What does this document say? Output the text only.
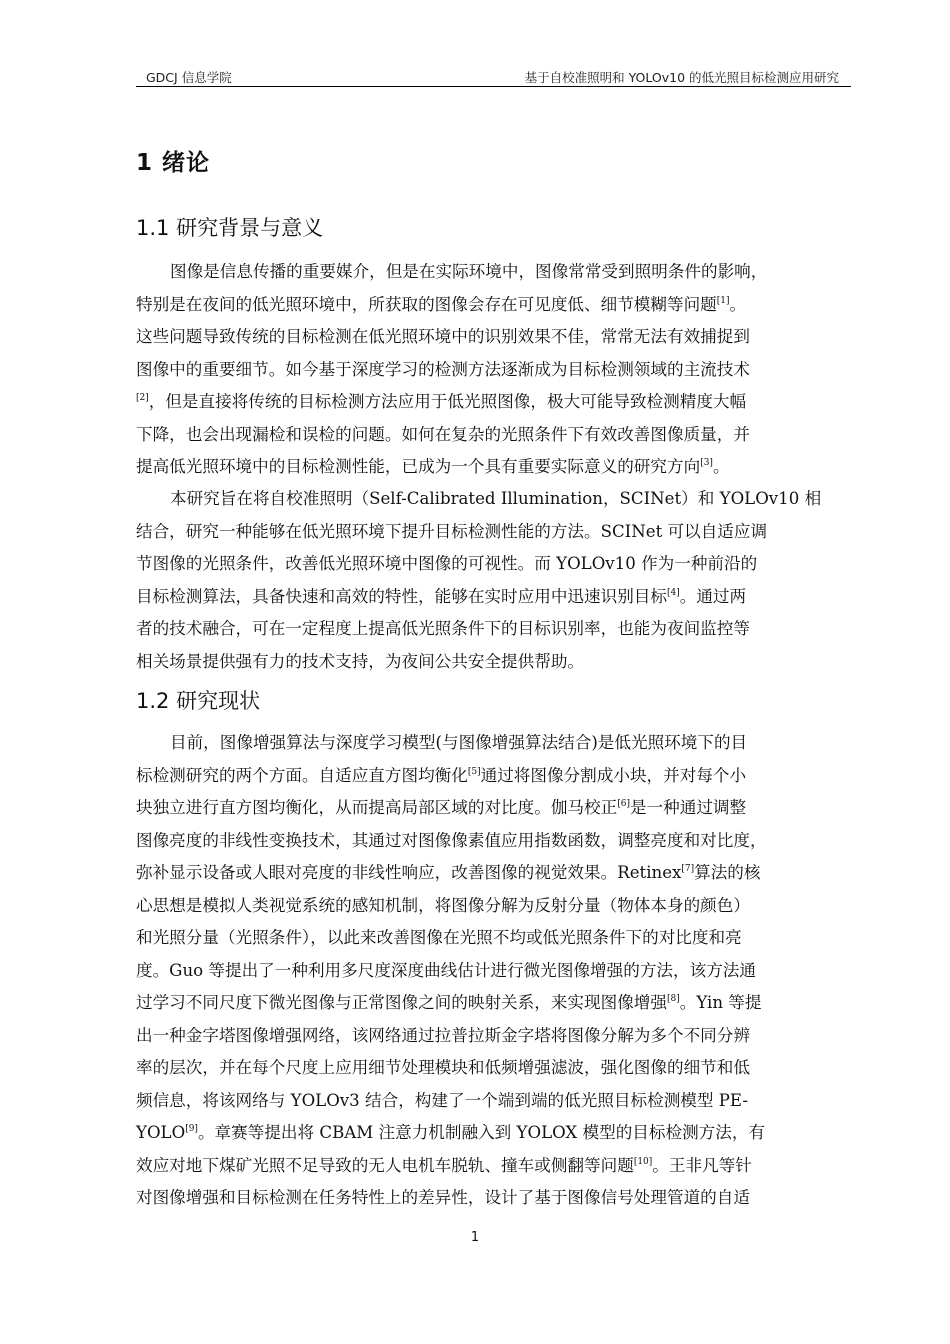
GDCJ 信息学院	基于自校准照明和 YOLOv10 的低光照目标检测应用研究
1 绪论
1.1 研究背景与意义
图像是信息传播的重要媒介，但是在实际环境中，图像常常受到照明条件的影响，
特别是在夜间的低光照环境中，所获取的图像会存在可见度低、细节模糊等问题[1]。
这些问题导致传统的目标检测在低光照环境中的识别效果不佳，常常无法有效捕捉到
图像中的重要细节。如今基于深度学习的检测方法逐渐成为目标检测领域的主流技术
[2]，但是直接将传统的目标检测方法应用于低光照图像，极大可能导致检测精度大幅
下降，也会出现漏检和误检的问题。如何在复杂的光照条件下有效改善图像质量，并
提高低光照环境中的目标检测性能，已成为一个具有重要实际意义的研究方向[3]。
本研究旨在将自校准照明（Self-Calibrated Illumination，SCINet）和 YOLOv10 相
结合，研究一种能够在低光照环境下提升目标检测性能的方法。SCINet 可以自适应调
节图像的光照条件，改善低光照环境中图像的可视性。而 YOLOv10 作为一种前沿的
目标检测算法，具备快速和高效的特性，能够在实时应用中迅速识别目标[4]。通过两
者的技术融合，可在一定程度上提高低光照条件下的目标识别率，也能为夜间监控等
相关场景提供强有力的技术支持，为夜间公共安全提供帮助。
1.2 研究现状
目前，图像增强算法与深度学习模型(与图像增强算法结合)是低光照环境下的目
标检测研究的两个方面。自适应直方图均衡化[5]通过将图像分割成小块，并对每个小
块独立进行直方图均衡化，从而提高局部区域的对比度。伽马校正[6]是一种通过调整
图像亮度的非线性变换技术，其通过对图像像素值应用指数函数，调整亮度和对比度，
弥补显示设备或人眼对亮度的非线性响应，改善图像的视觉效果。Retinex[7]算法的核
心思想是模拟人类视觉系统的感知机制，将图像分解为反射分量（物体本身的颜色）
和光照分量（光照条件），以此来改善图像在光照不均或低光照条件下的对比度和亮
度。Guo 等提出了一种利用多尺度深度曲线估计进行微光图像增强的方法，该方法通
过学习不同尺度下微光图像与正常图像之间的映射关系，来实现图像增强[8]。Yin 等提
出一种金字塔图像增强网络，该网络通过拉普拉斯金字塔将图像分解为多个不同分辨
率的层次，并在每个尺度上应用细节处理模块和低频增强滤波，强化图像的细节和低
频信息，将该网络与 YOLOv3 结合，构建了一个端到端的低光照目标检测模型 PE-
YOLO[9]。章赛等提出将 CBAM 注意力机制融入到 YOLOX 模型的目标检测方法，有
效应对地下煤矿光照不足导致的无人电机车脱轨、撞车或侧翻等问题[10]。王非凡等针
对图像增强和目标检测在任务特性上的差异性，设计了基于图像信号处理管道的自适
1
